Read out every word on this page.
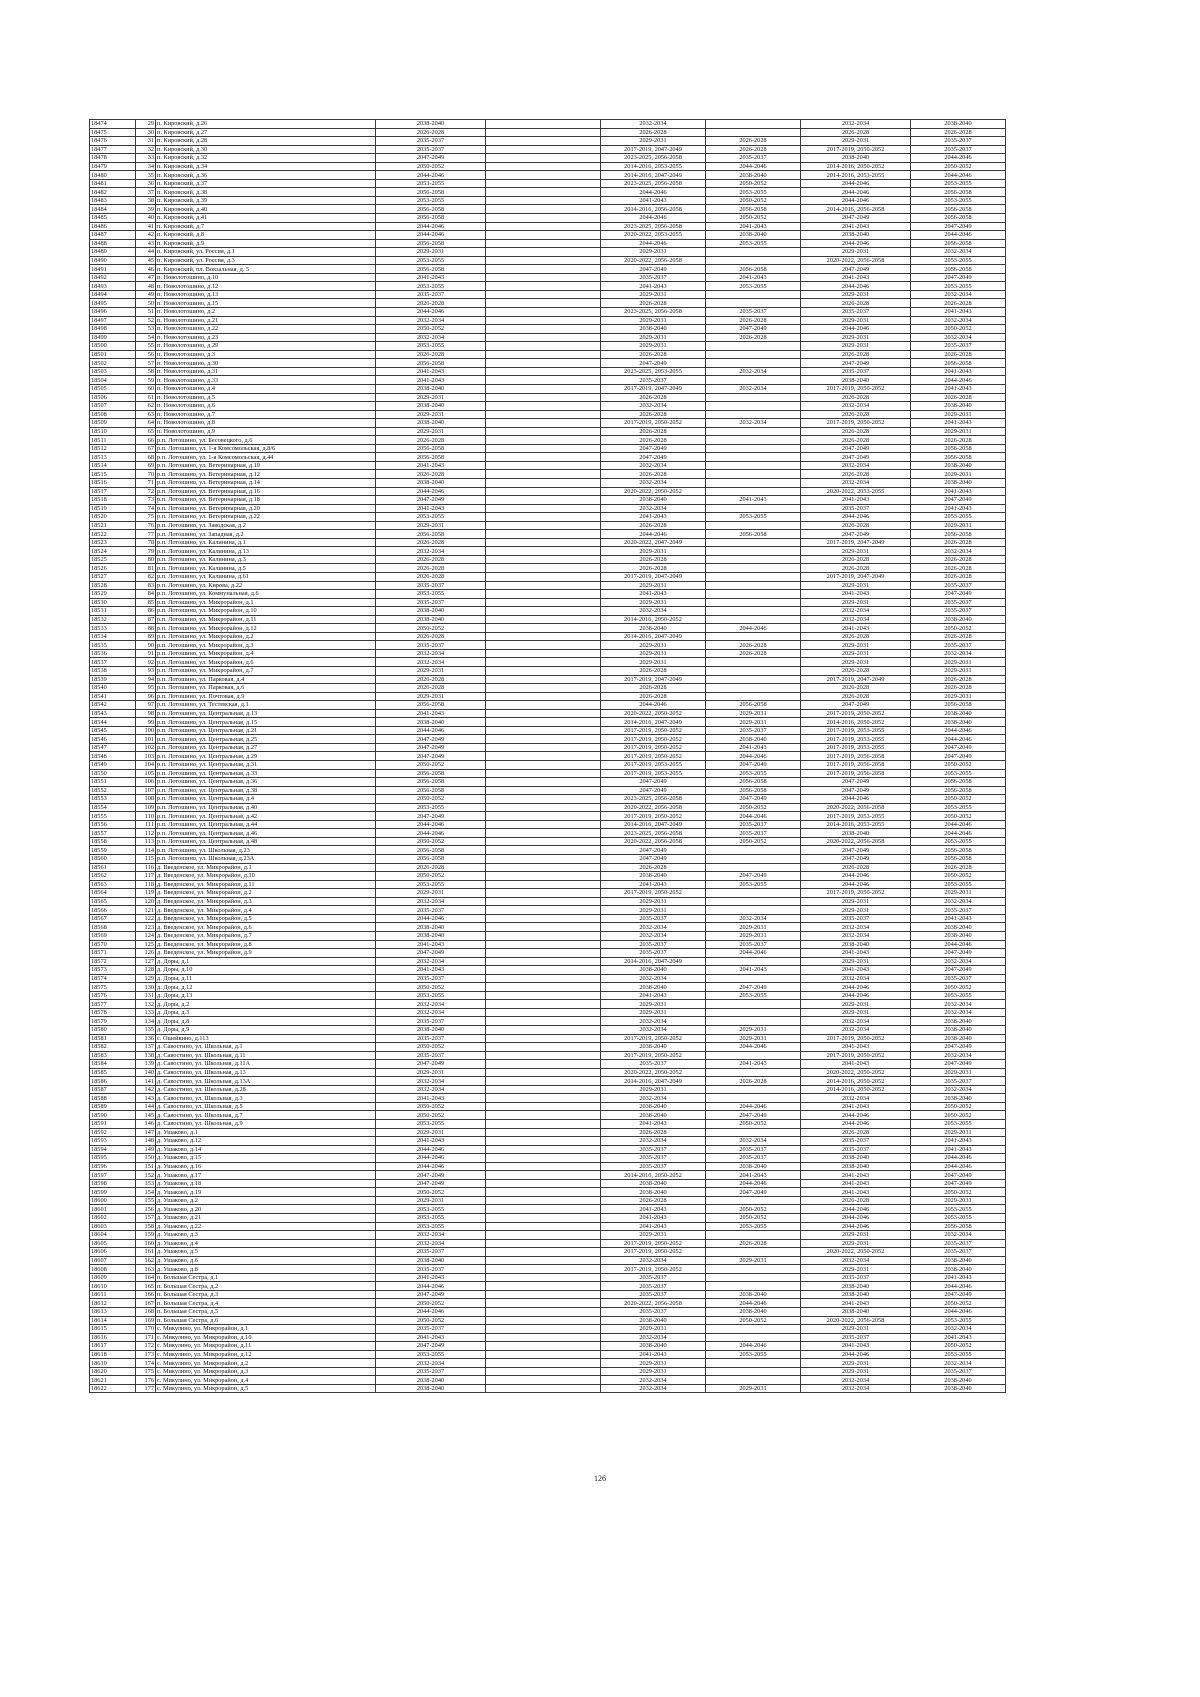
18474	29	п. Кировский, д.26	2038-2040		2032-2034		2032-2034	2038-2040
18475	30	п. Кировский, д.27	2026-2028		2026-2028		2026-2028	2026-2028
18476	31	п. Кировский, д.28	2035-2037		2029-2031	2026-2028	2029-2031	2035-2037
18477	32	п. Кировский, д.30	2035-2037		2017-2019, 2047-2049	2026-2028	2017-2019, 2050-2052	2035-2037
18478	33	п. Кировский, д.32	2047-2049		2023-2025, 2056-2058	2035-2037	2038-2040	2044-2046
18479	34	п. Кировский, д.34	2050-2052		2014-2016, 2053-2055	2044-2046	2014-2016, 2050-2052	2050-2052
18480	35	п. Кировский, д.36	2044-2046		2014-2016, 2047-2049	2038-2040	2014-2016, 2053-2055	2044-2046
18481	36	п. Кировский, д.37	2053-2055		2023-2025, 2056-2058	2050-2052	2044-2046	2053-2055
18482	37	п. Кировский, д.38	2056-2058		2044-2046	2053-2055	2044-2046	2056-2058
18483	38	п. Кировский, д.39	2053-2055		2041-2043	2050-2052	2044-2046	2053-2055
18484	39	п. Кировский, д.40	2056-2058		2014-2016, 2056-2058	2056-2058	2014-2016, 2056-2058	2056-2058
18485	40	п. Кировский, д.41	2056-2058		2044-2046	2050-2052	2047-2049	2056-2058
18486	41	п. Кировский, д.7	2044-2046		2023-2025, 2056-2058	2041-2043	2041-2043	2047-2049
18487	42	п. Кировский, д.8	2044-2046		2020-2022, 2053-2055	2038-2040	2038-2040	2044-2046
18488	43	п. Кировский, д.9	2056-2058		2044-2046	2053-2055	2044-2046	2056-2058
18489	44	п. Кировский, ул. Россия, д.1	2029-2031		2029-2031		2029-2031	2032-2034
18490	45	п. Кировский, ул. Россия, д.3	2053-2055		2020-2022, 2056-2058		2020-2022, 2056-2058	2053-2055
18491	46	п. Кировский, пл. Вокзальная, д. 5	2056-2058		2047-2049	2056-2058	2047-2049	2056-2058
18492	47	п. Новолотошино, д.10	2041-2043		2035-2037	2041-2043	2041-2043	2047-2049
18493	48	п. Новолотошино, д.12	2053-2055		2041-2043	2053-2055	2044-2046	2053-2055
18494	49	п. Новолотошино, д.13	2035-2037		2029-2031		2029-2031	2032-2034
18495	50	п. Новолотошино, д.15	2026-2028		2026-2028		2026-2028	2026-2028
18496	51	п. Новолотошино, д.2	2044-2046		2023-2025, 2056-2058	2035-2037	2035-2037	2041-2043
18497	52	п. Новолотошино, д.21	2032-2034		2029-2031	2026-2028	2029-2031	2032-2034
18498	53	п. Новолотошино, д.22	2050-2052		2038-2040	2047-2049	2044-2046	2050-2052
18499	54	п. Новолотошино, д.23	2032-2034		2029-2031	2026-2028	2029-2031	2032-2034
18500	55	п. Новолотошино, д.29	2053-2055		2029-2031		2029-2031	2035-2037
18501	56	п. Новолотошино, д.3	2026-2028		2026-2028		2026-2028	2026-2028
18502	57	п. Новолотошино, д.30	2056-2058		2047-2049		2047-2049	2056-2058
18503	58	п. Новолотошино, д.31	2041-2043		2023-2025, 2053-2055	2032-2034	2035-2037	2041-2043
18504	59	п. Новолотошино, д.33	2041-2043		2035-2037		2038-2040	2044-2046
18505	60	п. Новолотошино, д.4	2038-2040		2017-2019, 2047-2049	2032-2034	2017-2019, 2050-2052	2041-2043
18506	61	п. Новолотошино, д.5	2029-2031		2026-2028		2026-2028	2026-2028
18507	62	п. Новолотошино, д.6	2038-2040		2032-2034		2032-2034	2038-2040
18508	63	п. Новолотошино, д.7	2029-2031		2026-2028		2026-2028	2029-2031
18509	64	п. Новолотошино, д.8	2038-2040		2017-2019, 2050-2052	2032-2034	2017-2019, 2050-2052	2041-2043
18510	65	п. Новолотошино, д.9	2029-2031		2026-2028		2026-2028	2029-2031
18511	66	р.п. Лотошино, ул. Бесовецкого, д.6	2026-2028		2026-2028		2026-2028	2026-2028
18512	67	р.п. Лотошино, ул. 1-я Комсомольская, д.8/6	2056-2058		2047-2049		2047-2049	2056-2058
18513	68	р.п. Лотошино, ул. 1-я Комсомольская, д.44	2056-2058		2047-2049		2047-2049	2056-2058
18514	69	р.п. Лотошино, ул. Ветеринарная, д.10	2041-2043		2032-2034		2032-2034	2038-2040
18515	70	р.п. Лотошино, ул. Ветеринарная, д.12	2026-2028		2026-2028		2026-2028	2029-2031
18516	71	р.п. Лотошино, ул. Ветеринарная, д.14	2038-2040		2032-2034		2032-2034	2038-2040
18517	72	р.п. Лотошино, ул. Ветеринарная, д.16	2044-2046		2020-2022, 2050-2052		2020-2022, 2053-2055	2041-2043
18518	73	р.п. Лотошино, ул. Ветеринарная, д.18	2047-2049		2038-2040	2041-2043	2041-2043	2047-2049
18519	74	р.п. Лотошино, ул. Ветеринарная, д.20	2041-2043		2032-2034		2035-2037	2041-2043
18520	75	р.п. Лотошино, ул. Ветеринарная, д.22	2053-2055		2041-2043	2053-2055	2044-2046	2053-2055
18521	76	р.п. Лотошино, ул. Заводская, д.2	2029-2031		2026-2028		2026-2028	2029-2031
18522	77	р.п. Лотошино, ул. Западная, д.2	2056-2058		2044-2046	2056-2058	2047-2049	2056-2058
18523	78	р.п. Лотошино, ул. Калинина, д.1	2026-2028		2020-2022, 2047-2049		2017-2019, 2047-2049	2026-2028
18524	79	р.п. Лотошино, ул. Калинина, д.13	2032-2034		2029-2031		2029-2031	2032-2034
18525	80	р.п. Лотошино, ул. Калинина, д.3	2026-2028		2026-2028		2026-2028	2026-2028
18526	81	р.п. Лотошино, ул. Калинина, д.5	2026-2028		2026-2028		2026-2028	2026-2028
18527	82	р.п. Лотошино, ул. Калинина, д.61	2026-2028		2017-2019, 2047-2049		2017-2019, 2047-2049	2026-2028
18528	83	р.п. Лотошино, ул. Кирова, д.22	2035-2037		2029-2031		2029-2031	2035-2037
18529	84	р.п. Лотошино, ул. Коммунальная, д.6	2053-2055		2041-2043		2041-2043	2047-2049
18530	85	р.п. Лотошино, ул. Микрорайон, д.1	2035-2037		2029-2031		2029-2031	2035-2037
18531	86	р.п. Лотошино, ул. Микрорайон, д.10	2038-2040		2032-2034		2032-2034	2035-2037
18532	87	р.п. Лотошино, ул. Микрорайон, д.11	2038-2040		2014-2016, 2050-2052		2032-2034	2038-2040
18533	88	р.п. Лотошино, ул. Микрорайон, д.12	2050-2052		2038-2040	2044-2046	2041-2043	2050-2052
18534	89	р.п. Лотошино, ул. Микрорайон, д.2	2026-2028		2014-2016, 2047-2049		2026-2028	2026-2028
18535	90	р.п. Лотошино, ул. Микрорайон, д.3	2035-2037		2029-2031	2026-2028	2029-2031	2035-2037
18536	91	р.п. Лотошино, ул. Микрорайон, д.4	2032-2034		2029-2031	2026-2028	2029-2031	2032-2034
18537	92	р.п. Лотошино, ул. Микрорайон, д.6	2032-2034		2029-2031		2029-2031	2029-2031
18538	93	р.п. Лотошино, ул. Микрорайон, д.7	2029-2031		2026-2028		2026-2028	2029-2031
18539	94	р.п. Лотошино, ул. Парковая, д.4	2026-2028		2017-2019, 2047-2049		2017-2019, 2047-2049	2026-2028
18540	95	р.п. Лотошино, ул. Парковая, д.6	2026-2028		2026-2028		2026-2028	2026-2028
18541	96	р.п. Лотошино, ул. Почтовая, д.9	2029-2031		2026-2028		2026-2028	2029-2031
18542	97	р.п. Лотошино, ул. Тестевская, д.1	2056-2058		2044-2046	2056-2058	2047-2049	2056-2058
18543	98	р.п. Лотошино, ул. Центральная, д.13	2041-2043		2020-2022, 2050-2052	2029-2031	2017-2019, 2050-2052	2038-2040
18544	99	р.п. Лотошино, ул. Центральная, д.15	2038-2040		2014-2016, 2047-2049	2029-2031	2014-2016, 2050-2052	2038-2040
18545	100	р.п. Лотошино, ул. Центральная, д.21	2044-2046		2017-2019, 2050-2052	2035-2037	2017-2019, 2053-2055	2044-2046
18546	101	р.п. Лотошино, ул. Центральная, д.25	2047-2049		2017-2019, 2050-2052	2038-2040	2017-2019, 2053-2055	2044-2046
18547	102	р.п. Лотошино, ул. Центральная, д.27	2047-2049		2017-2019, 2050-2052	2041-2043	2017-2019, 2053-2055	2047-2049
18548	103	р.п. Лотошино, ул. Центральная, д.29	2047-2049		2017-2019, 2050-2052	2044-2046	2017-2019, 2056-2058	2047-2049
18549	104	р.п. Лотошино, ул. Центральная, д.31	2050-2052		2017-2019, 2053-2055	2047-2049	2017-2019, 2056-2058	2050-2052
18550	105	р.п. Лотошино, ул. Центральная, д.33	2056-2058		2017-2019, 2053-2055	2053-2055	2017-2019, 2056-2058	2053-2055
18551	106	р.п. Лотошино, ул. Центральная, д.36	2056-2058		2047-2049	2056-2058	2047-2049	2056-2058
18552	107	р.п. Лотошино, ул. Центральная, д.38	2056-2058		2047-2049	2056-2058	2047-2049	2056-2058
18553	108	р.п. Лотошино, ул. Центральная, д.4	2050-2052		2023-2025, 2056-2058	2047-2049	2044-2046	2050-2052
18554	109	р.п. Лотошино, ул. Центральная, д.40	2053-2055		2020-2022, 2056-2058	2050-2052	2020-2022, 2056-2058	2053-2055
18555	110	р.п. Лотошино, ул. Центральная, д.42	2047-2049		2017-2019, 2050-2052	2044-2046	2017-2019, 2053-2055	2050-2052
18556	111	р.п. Лотошино, ул. Центральная, д.44	2044-2046		2014-2016, 2047-2049	2035-2037	2014-2016, 2053-2055	2044-2046
18557	112	р.п. Лотошино, ул. Центральная, д.46	2044-2046		2023-2025, 2056-2058	2035-2037	2038-2040	2044-2046
18558	113	р.п. Лотошино, ул. Центральная, д.48	2050-2052		2020-2022, 2056-2058	2050-2052	2020-2022, 2056-2058	2053-2055
18559	114	р.п. Лотошино, ул. Школьная, д.23	2056-2058		2047-2049		2047-2049	2056-2058
18560	115	р.п. Лотошино, ул. Школьная, д.23А	2056-2058		2047-2049		2047-2049	2056-2058
18561	116	д. Введенское, ул. Микрорайон, д.1	2026-2028		2026-2028		2026-2028	2026-2028
18562	117	д. Введенское, ул. Микрорайон, д.10	2050-2052		2038-2040	2047-2049	2044-2046	2050-2052
18563	118	д. Введенское, ул. Микрорайон, д.11	2053-2055		2041-2043	2053-2055	2044-2046	2053-2055
18564	119	д. Введенское, ул. Микрорайон, д.2	2029-2031		2017-2019, 2050-2052		2017-2019, 2050-2052	2029-2031
18565	120	д. Введенское, ул. Микрорайон, д.3	2032-2034		2029-2031		2029-2031	2032-2034
18566	121	д. Введенское, ул. Микрорайон, д.4	2035-2037		2029-2031		2029-2031	2035-2037
18567	122	д. Введенское, ул. Микрорайон, д.5	2044-2046		2035-2037	2032-2034	2035-2037	2041-2043
18568	123	д. Введенское, ул. Микрорайон, д.6	2038-2040		2032-2034	2029-2031	2032-2034	2038-2040
18569	124	д. Введенское, ул. Микрорайон, д.7	2038-2040		2032-2034	2029-2031	2032-2034	2038-2040
18570	125	д. Введенское, ул. Микрорайон, д.8	2041-2043		2035-2037	2035-2037	2038-2040	2044-2046
18571	126	д. Введенское, ул. Микрорайон, д.9	2047-2049		2035-2037	2044-2046	2041-2043	2047-2049
18572	127	д. Доры, д.1	2032-2034		2014-2016, 2047-2049		2029-2031	2032-2034
18573	128	д. Доры, д.10	2041-2043		2038-2040	2041-2043	2041-2043	2047-2049
18574	129	д. Доры, д.11	2035-2037		2032-2034		2032-2034	2035-2037
18575	130	д. Доры, д.12	2050-2052		2038-2040	2047-2049	2044-2046	2050-2052
18576	131	д. Доры, д.13	2053-2055		2041-2043	2053-2055	2044-2046	2053-2055
18577	132	д. Доры, д.2	2032-2034		2029-2031		2029-2031	2032-2034
18578	133	д. Доры, д.3	2032-2034		2029-2031		2029-2031	2032-2034
18579	134	д. Доры, д.8	2035-2037		2032-2034		2032-2034	2038-2040
18580	135	д. Доры, д.9	2038-2040		2032-2034	2029-2031	2032-2034	2038-2040
18581	136	с. Ошейкино, д.113	2035-2037		2017-2019, 2050-2052	2029-2031	2017-2019, 2050-2052	2038-2040
18582	137	д. Савостино, ул. Школьная, д.1	2050-2052		2038-2040	2044-2046	2041-2043	2047-2049
18583	138	д. Савостино, ул. Школьная, д.11	2035-2037		2017-2019, 2050-2052		2017-2019, 2050-2052	2032-2034
18584	139	д. Савостино, ул. Школьная, д.11А	2047-2049		2035-2037	2041-2043	2041-2043	2047-2049
18585	140	д. Савостино, ул. Школьная, д.13	2029-2031		2020-2022, 2050-2052		2020-2022, 2050-2052	2029-2031
18586	141	д. Савостино, ул. Школьная, д.13А	2032-2034		2014-2016, 2047-2049	2026-2028	2014-2016, 2050-2052	2035-2037
18587	142	д. Савостино, ул. Школьная, д.28	2032-2034		2029-2031		2014-2016, 2050-2052	2032-2034
18588	143	д. Савостино, ул. Школьная, д.3	2041-2043		2032-2034		2032-2034	2038-2040
18589	144	д. Савостино, ул. Школьная, д.5	2050-2052		2038-2040	2044-2046	2041-2043	2050-2052
18590	145	д. Савостино, ул. Школьная, д.7	2050-2052		2038-2040	2047-2049	2044-2046	2050-2052
18591	146	д. Савостино, ул. Школьная, д.9	2053-2055		2041-2043	2050-2052	2044-2046	2053-2055
18592	147	д. Ушаково, д.1	2029-2031		2026-2028		2026-2028	2029-2031
18593	148	д. Ушаково, д.12	2041-2043		2032-2034	2032-2034	2035-2037	2041-2043
18594	149	д. Ушаково, д.14	2044-2046		2035-2037	2035-2037	2035-2037	2041-2043
18595	150	д. Ушаково, д.15	2044-2046		2035-2037	2035-2037	2038-2040	2044-2046
18596	151	д. Ушаково, д.16	2044-2046		2035-2037	2038-2040	2038-2040	2044-2046
18597	152	д. Ушаково, д.17	2047-2049		2014-2016, 2050-2052	2041-2043	2041-2043	2047-2049
18598	153	д. Ушаково, д.18	2047-2049		2038-2040	2044-2046	2041-2043	2047-2049
18599	154	д. Ушаково, д.19	2050-2052		2038-2040	2047-2049	2041-2043	2050-2052
18600	155	д. Ушаково, д.2	2029-2031		2026-2028		2026-2028	2029-2031
18601	156	д. Ушаково, д.20	2053-2055		2041-2043	2050-2052	2044-2046	2053-2055
18602	157	д. Ушаково, д.21	2053-2055		2041-2043	2050-2052	2044-2046	2053-2055
18603	158	д. Ушаково, д.22	2053-2055		2041-2043	2053-2055	2044-2046	2056-2058
18604	159	д. Ушаково, д.3	2032-2034		2029-2031		2029-2031	2032-2034
18605	160	д. Ушаково, д.4	2032-2034		2017-2019, 2050-2052	2026-2028	2029-2031	2035-2037
18606	161	д. Ушаково, д.5	2035-2037		2017-2019, 2050-2052		2020-2022, 2050-2052	2035-2037
18607	162	д. Ушаково, д.6	2038-2040		2032-2034	2029-2031	2032-2034	2038-2040
18608	163	д. Ушаково, д.8	2035-2037		2017-2019, 2050-2052		2029-2031	2038-2040
18609	164	п. Большая Сестра, д.1	2041-2043		2035-2037		2035-2037	2041-2043
18610	165	п. Большая Сестра, д.2	2044-2046		2035-2037		2038-2040	2044-2046
18611	166	п. Большая Сестра, д.3	2047-2049		2035-2037	2038-2040	2038-2040	2047-2049
18612	167	п. Большая Сестра, д.4	2050-2052		2020-2022, 2056-2058	2044-2046	2041-2043	2050-2052
18613	168	п. Большая Сестра, д.5	2044-2046		2035-2037	2038-2040	2038-2040	2044-2046
18614	169	п. Большая Сестра, д.6	2050-2052		2038-2040	2050-2052	2020-2022, 2056-2058	2053-2055
18615	170	с. Микулино, ул. Микрорайон, д.1	2035-2037		2029-2031		2029-2031	2032-2034
18616	171	с. Микулино, ул. Микрорайон, д.10	2041-2043		2032-2034		2035-2037	2041-2043
18617	172	с. Микулино, ул. Микрорайон, д.11	2047-2049		2038-2040	2044-2046	2041-2043	2050-2052
18618	173	с. Микулино, ул. Микрорайон, д.12	2053-2055		2041-2043	2053-2055	2044-2046	2053-2055
18619	174	с. Микулино, ул. Микрорайон, д.2	2032-2034		2029-2031		2029-2031	2032-2034
18620	175	с. Микулино, ул. Микрорайон, д.3	2035-2037		2029-2031		2029-2031	2035-2037
18621	176	с. Микулино, ул. Микрорайон, д.4	2038-2040		2032-2034		2032-2034	2038-2040
18622	177	с. Микулино, ул. Микрорайон, д.5	2038-2040		2032-2034	2029-2031	2032-2034	2038-2040
126
